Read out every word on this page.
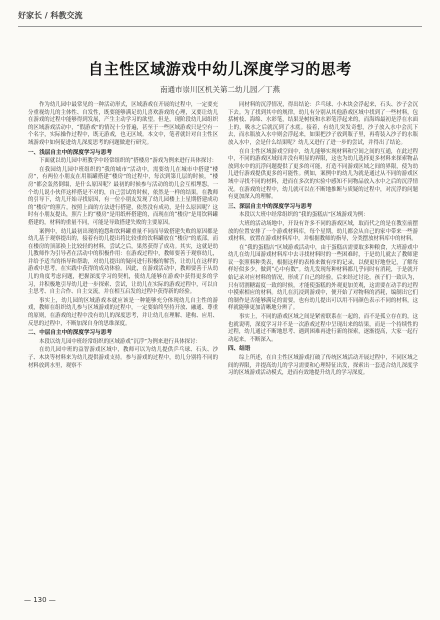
好家长 / 科教交流
自主性区域游戏中幼儿深度学习的思考
南通市崇川区机关第二幼儿园／丁燕

作为幼儿园中最常见的一种活动形式，区域游戏在开展的过程中，一定要充分重视幼儿的主体性、自发性，既要能够满足幼儿喜欢游戏的心理，又要让幼儿在游戏的过程中能够得到发展，产生主动学习的欲望。但是，现阶段幼儿园组织的区域游戏活动中，“假游戏”的情况十分普遍，甚至于一些区域游戏只是空有一个名字，实际操作过程中，既无游戏，也无区域。本文中，笔者就针对自主性区域游戏中如何促进幼儿深度思考的问题做进行研究。

一、浅层自主中的深度学习与思考

下面就以幼儿园中班教学中经常组织的“搭楼房”游戏为例来进行具体探讨：

在我园幼儿园中班组织的“我的城市”活动中，需要幼儿在城市中搭建“楼房”，有两位小朋友在用瓶罐搭建“楼房”的过程中，每次到第几层的时候，“楼房”都会轰然倒塌，是什么原因呢？最初的时候参与活动的幼儿会互相埋怨，一个幼儿说小伙伴这样搭是不对的，自己尝试的时候，依然是一样的结果。在教师的引导下，幼儿开始寻找原因，有一位小朋友发现了幼儿园楼上上星期搭建成功的“楼房”的照片，按照上面的方法进行搭建，依然没有成功，是什么原因呢？这时有小朋友提出，照片上的“楼房”是用纸杯搭建的，而现在的“楼房”是用饮料罐搭建的，材料的重量不同，可能是导致搭建失败的主要原因。

案例中，幼儿最初出现的抱怨和饮料罐重量不同而导致搭建失败的原因都是幼儿基于观察提出的，接着有幼儿提出将比较重的饮料罐放在“楼房”的底部，而在楼房的顶部换上比较轻的材料，尝试之后，果然获得了成功。其实，这就是幼儿教师作为引导者在活动中的积极作用：在游戏过程中，教师要善于观察幼儿，并给予适当的指导和帮助，对幼儿提出的疑问进行积极的解答，让幼儿在这样的游戏中思考，在实践中获得的成功体验。因此，在游戏活动中，教师要善于从幼儿的角度考虑问题，把握深度学习的契机，使幼儿能够在游戏中获得更多的学习，并积极地引导幼儿进一步探索、尝试，让幼儿在实际的游戏过程中，可以自主思考、自主合作、自主交流，并在相互启发的过程中获得新的经验。

事实上，幼儿园的区域游戏本就应该是一种能够充分体现幼儿自主性的游戏，教师在组织幼儿参与区域游戏的过程中，一定要始终坚持开放、融通、尊重的原则，在游戏的过程中没有幼儿的深度思考，并让幼儿在理解、建构、应用、反思的过程中，不断加深自身的思维深度。

二、中层自主中的深度学习与思考

本段以幼儿园中班经常组织的区域游戏“沉浮”为例来进行具体探讨：

在幼儿园中班的益智游戏区域中，教师可以为幼儿提供乒乓球、石头、沙子、木块等材料来为幼儿提供游戏支持。参与游戏的过程中，幼儿分别将不同的材料放到水里，观察不

同材料的沉浮情况，得出结论：乒乓球、小木块会浮起来，石头、沙子会沉下去。为了找到其中的规律，幼儿有分别从其他游戏区域中找到了一些材料，包括树枝、海绵、水彩笔，结果是树枝和水彩笔浮起来的，而海绵最初是浮在水面上的，吸水之后就沉到了水底。接着，有幼儿突发奇想，沙子放入水中会沉下去，而水瓶放入水中则会浮起来，如果把沙子放到瓶子里，再将装入沙子的水瓶放入水中，会是什么结果呢？幼儿又进行了进一步的尝试，并得出了结论。

在自主性区域游戏空间中，幼儿能够实现材料和空间之间的互通，在此过程中，不同的游戏区域间并没有明显的界限，这也为幼儿选择更多材料来探索物品放到水中的沉浮问题提供了更多的可能，打造不同游戏区域之间的界限，使为幼儿进行游戏提供更多的可能性。例如，案例中的幼儿为就是通过从不同的游戏区域中寻找不同的材料，进而在多次的实验中感知不同物品放入水中之后的沉浮情况。在游戏的过程中，幼儿就可以在不断地推断与质疑的过程中，对沉浮的问题有更加深入的理解。

三、深层自主中的深度学习与思考

本段以大班中经常组织的“我的蛋糕店”区域游戏为例：

大班的活动场地中，开设有许多不同的游戏区域，取而代之的是在教室前摆放的位置安排了一个游戏材料库，每个星期，幼儿都会从自己的家中带来一些游戏材料，放置在游戏材料库中，并根据教师的指导，分类摆放材料库中的材料。

在“我的蛋糕店”区域游戏活动中，由于蛋糕店需要取多种粮食，大班游戏中幼儿在幼儿园游戏材料库中去寻找材料时的一些困难时，于是幼儿就去了教师建议一张照料种类表，根据这样的表格来做有序的记录，以便更好地登记，了解每样好似多少，做到“心中有数”。幼儿发现每种材料都几乎同时有消耗，于是就开始记录对应材料的情况，形成了自己的经验，后来经过讨论，孩子们一致认为，只有切割糖霜度一致的时候，才能使蛋糕的外观更加美观，这需要在动手的过程中摸索相应的材料。幼儿在沉浸到游戏中，便开始了对物料的消耗，编制出它们的制作是否能够满足的需要，也有幼儿提出可以用不同颜色表示不同的材料，这样就能够更加清晰地分辨了。

事实上，不同的游戏区域之间是紧密联系在一起的，而不是孤立存在的，这也就说明，深度学习并不是一次游戏过程中呈现出来的结果，而是一个持续性的过程，幼儿通过不断地思考、遇到困难再进行新的探索，逐渐提高，大家一起行动起来，不断深入。

四、结语

综上所述，在自主性区域游戏打破了传统区域活动开展过程中，不同区域之间的界限，并提高幼儿的学习需要和心理特征出发，探索出一套适合幼儿深度学习的区域游戏活动模式，进而有效地提升幼儿的学习深度。

— 130 —
